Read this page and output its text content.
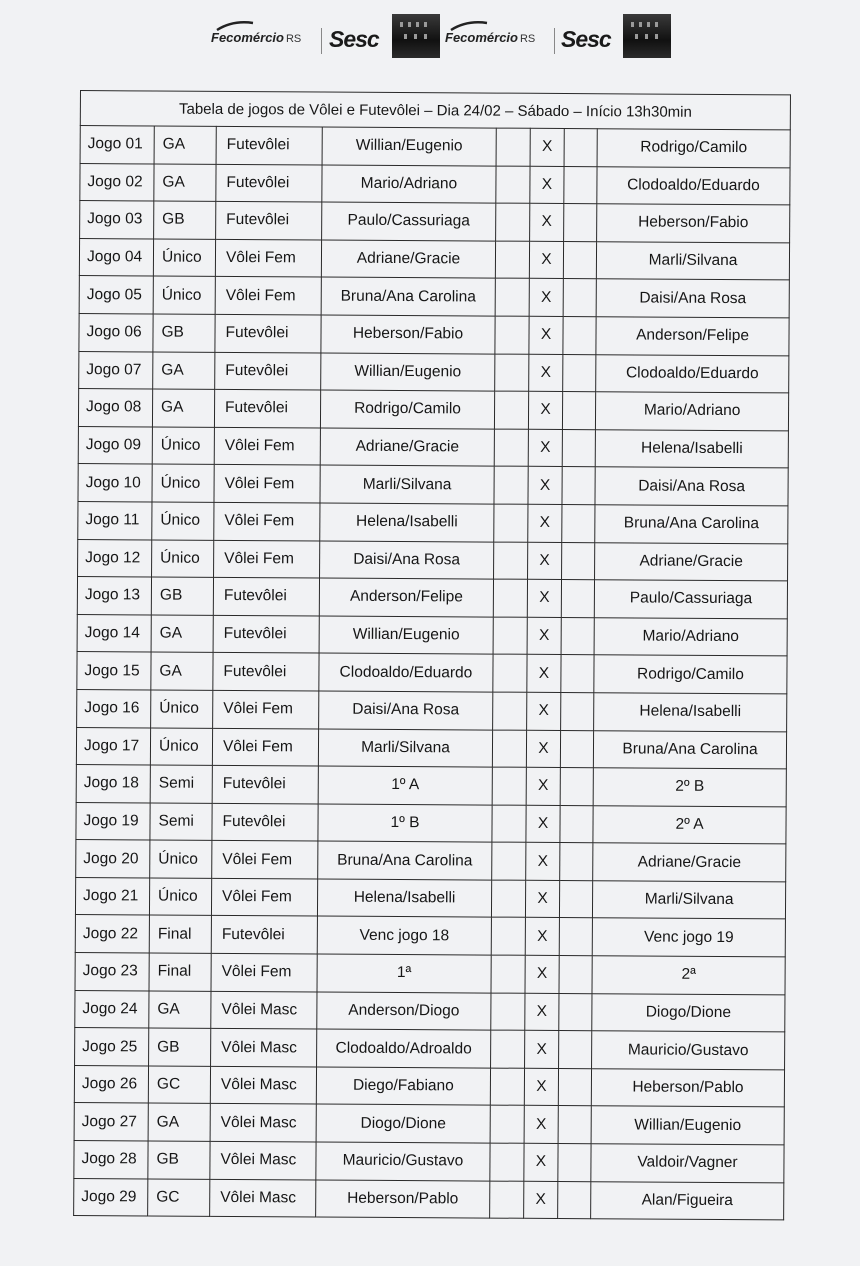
Fecomércio RS Sesc	Fecomércio RS Sesc
Tabela de jogos de Vôlei e Futevôlei – Dia 24/02 – Sábado – Início 13h30min							
Jogo 01	GA	Futevôlei	Willian/Eugenio		X		Rodrigo/Camilo
Jogo 02	GA	Futevôlei	Mario/Adriano		X		Clodoaldo/Eduardo
Jogo 03	GB	Futevôlei	Paulo/Cassuriaga		X		Heberson/Fabio
Jogo 04	Único	Vôlei Fem	Adriane/Gracie		X		Marli/Silvana
Jogo 05	Único	Vôlei Fem	Bruna/Ana Carolina		X		Daisi/Ana Rosa
Jogo 06	GB	Futevôlei	Heberson/Fabio		X		Anderson/Felipe
Jogo 07	GA	Futevôlei	Willian/Eugenio		X		Clodoaldo/Eduardo
Jogo 08	GA	Futevôlei	Rodrigo/Camilo		X		Mario/Adriano
Jogo 09	Único	Vôlei Fem	Adriane/Gracie		X		Helena/Isabelli
Jogo 10	Único	Vôlei Fem	Marli/Silvana		X		Daisi/Ana Rosa
Jogo 11	Único	Vôlei Fem	Helena/Isabelli		X		Bruna/Ana Carolina
Jogo 12	Único	Vôlei Fem	Daisi/Ana Rosa		X		Adriane/Gracie
Jogo 13	GB	Futevôlei	Anderson/Felipe		X		Paulo/Cassuriaga
Jogo 14	GA	Futevôlei	Willian/Eugenio		X		Mario/Adriano
Jogo 15	GA	Futevôlei	Clodoaldo/Eduardo		X		Rodrigo/Camilo
Jogo 16	Único	Vôlei Fem	Daisi/Ana Rosa		X		Helena/Isabelli
Jogo 17	Único	Vôlei Fem	Marli/Silvana		X		Bruna/Ana Carolina
Jogo 18	Semi	Futevôlei	1º A		X		2º B
Jogo 19	Semi	Futevôlei	1º B		X		2º A
Jogo 20	Único	Vôlei Fem	Bruna/Ana Carolina		X		Adriane/Gracie
Jogo 21	Único	Vôlei Fem	Helena/Isabelli		X		Marli/Silvana
Jogo 22	Final	Futevôlei	Venc jogo 18		X		Venc jogo 19
Jogo 23	Final	Vôlei Fem	1ª		X		2ª
Jogo 24	GA	Vôlei Masc	Anderson/Diogo		X		Diogo/Dione
Jogo 25	GB	Vôlei Masc	Clodoaldo/Adroaldo		X		Mauricio/Gustavo
Jogo 26	GC	Vôlei Masc	Diego/Fabiano		X		Heberson/Pablo
Jogo 27	GA	Vôlei Masc	Diogo/Dione		X		Willian/Eugenio
Jogo 28	GB	Vôlei Masc	Mauricio/Gustavo		X		Valdoir/Vagner
Jogo 29	GC	Vôlei Masc	Heberson/Pablo		X		Alan/Figueira
